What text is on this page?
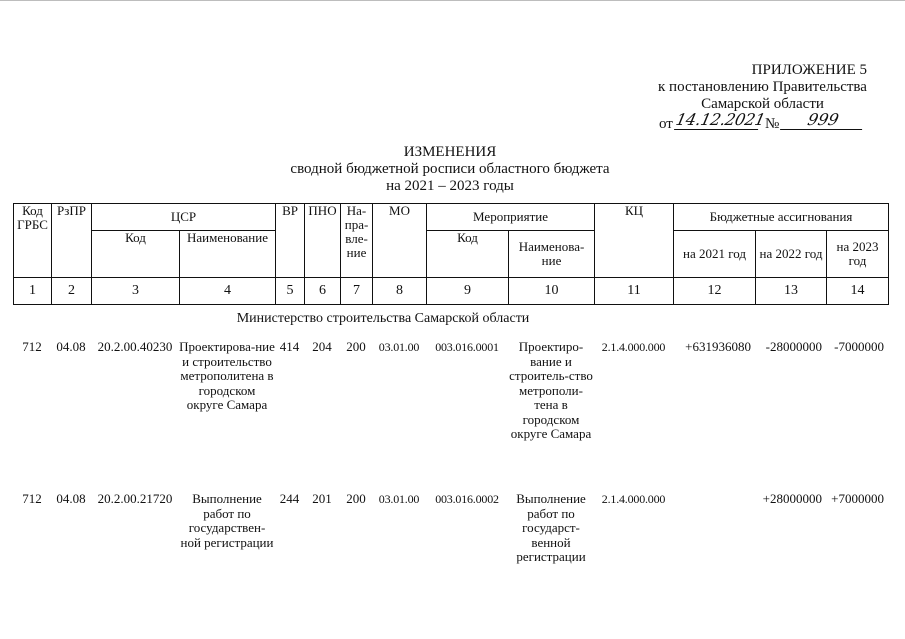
ПРИЛОЖЕНИЕ 5
к постановлению Правительства
Самарской области
от 14.12.2021
№	999
ИЗМЕНЕНИЯ
сводной бюджетной росписи областного бюджета
на 2021 – 2023 годы
Код ГРБС	РзПР	ЦСР		ВР	ПНО	На-пра-вле-ние	МО	Мероприятие		КЦ	Бюджетные ассигнования		
		Код	Наименование					Код	Наименова-ние		на 2021 год	на 2022 год	на 2023 год
1	2	3	4	5	6	7	8	9	10	11	12	13	14
Министерство строительства Самарской области
712	04.08	20.2.00.40230	Проектирова-ние и строительство метрополитена в городском округе Самара	414	204	200	03.01.00	003.016.0001	Проектиро-вание и строитель-ство метрополи-тена в городском округе Самара	2.1.4.000.000	+631936080	-28000000	-7000000
712	04.08	20.2.00.21720	Выполнение работ по государствен-ной регистрации	244	201	200	03.01.00	003.016.0002	Выполнение работ по государст-венной регистрации	2.1.4.000.000		+28000000	+7000000
